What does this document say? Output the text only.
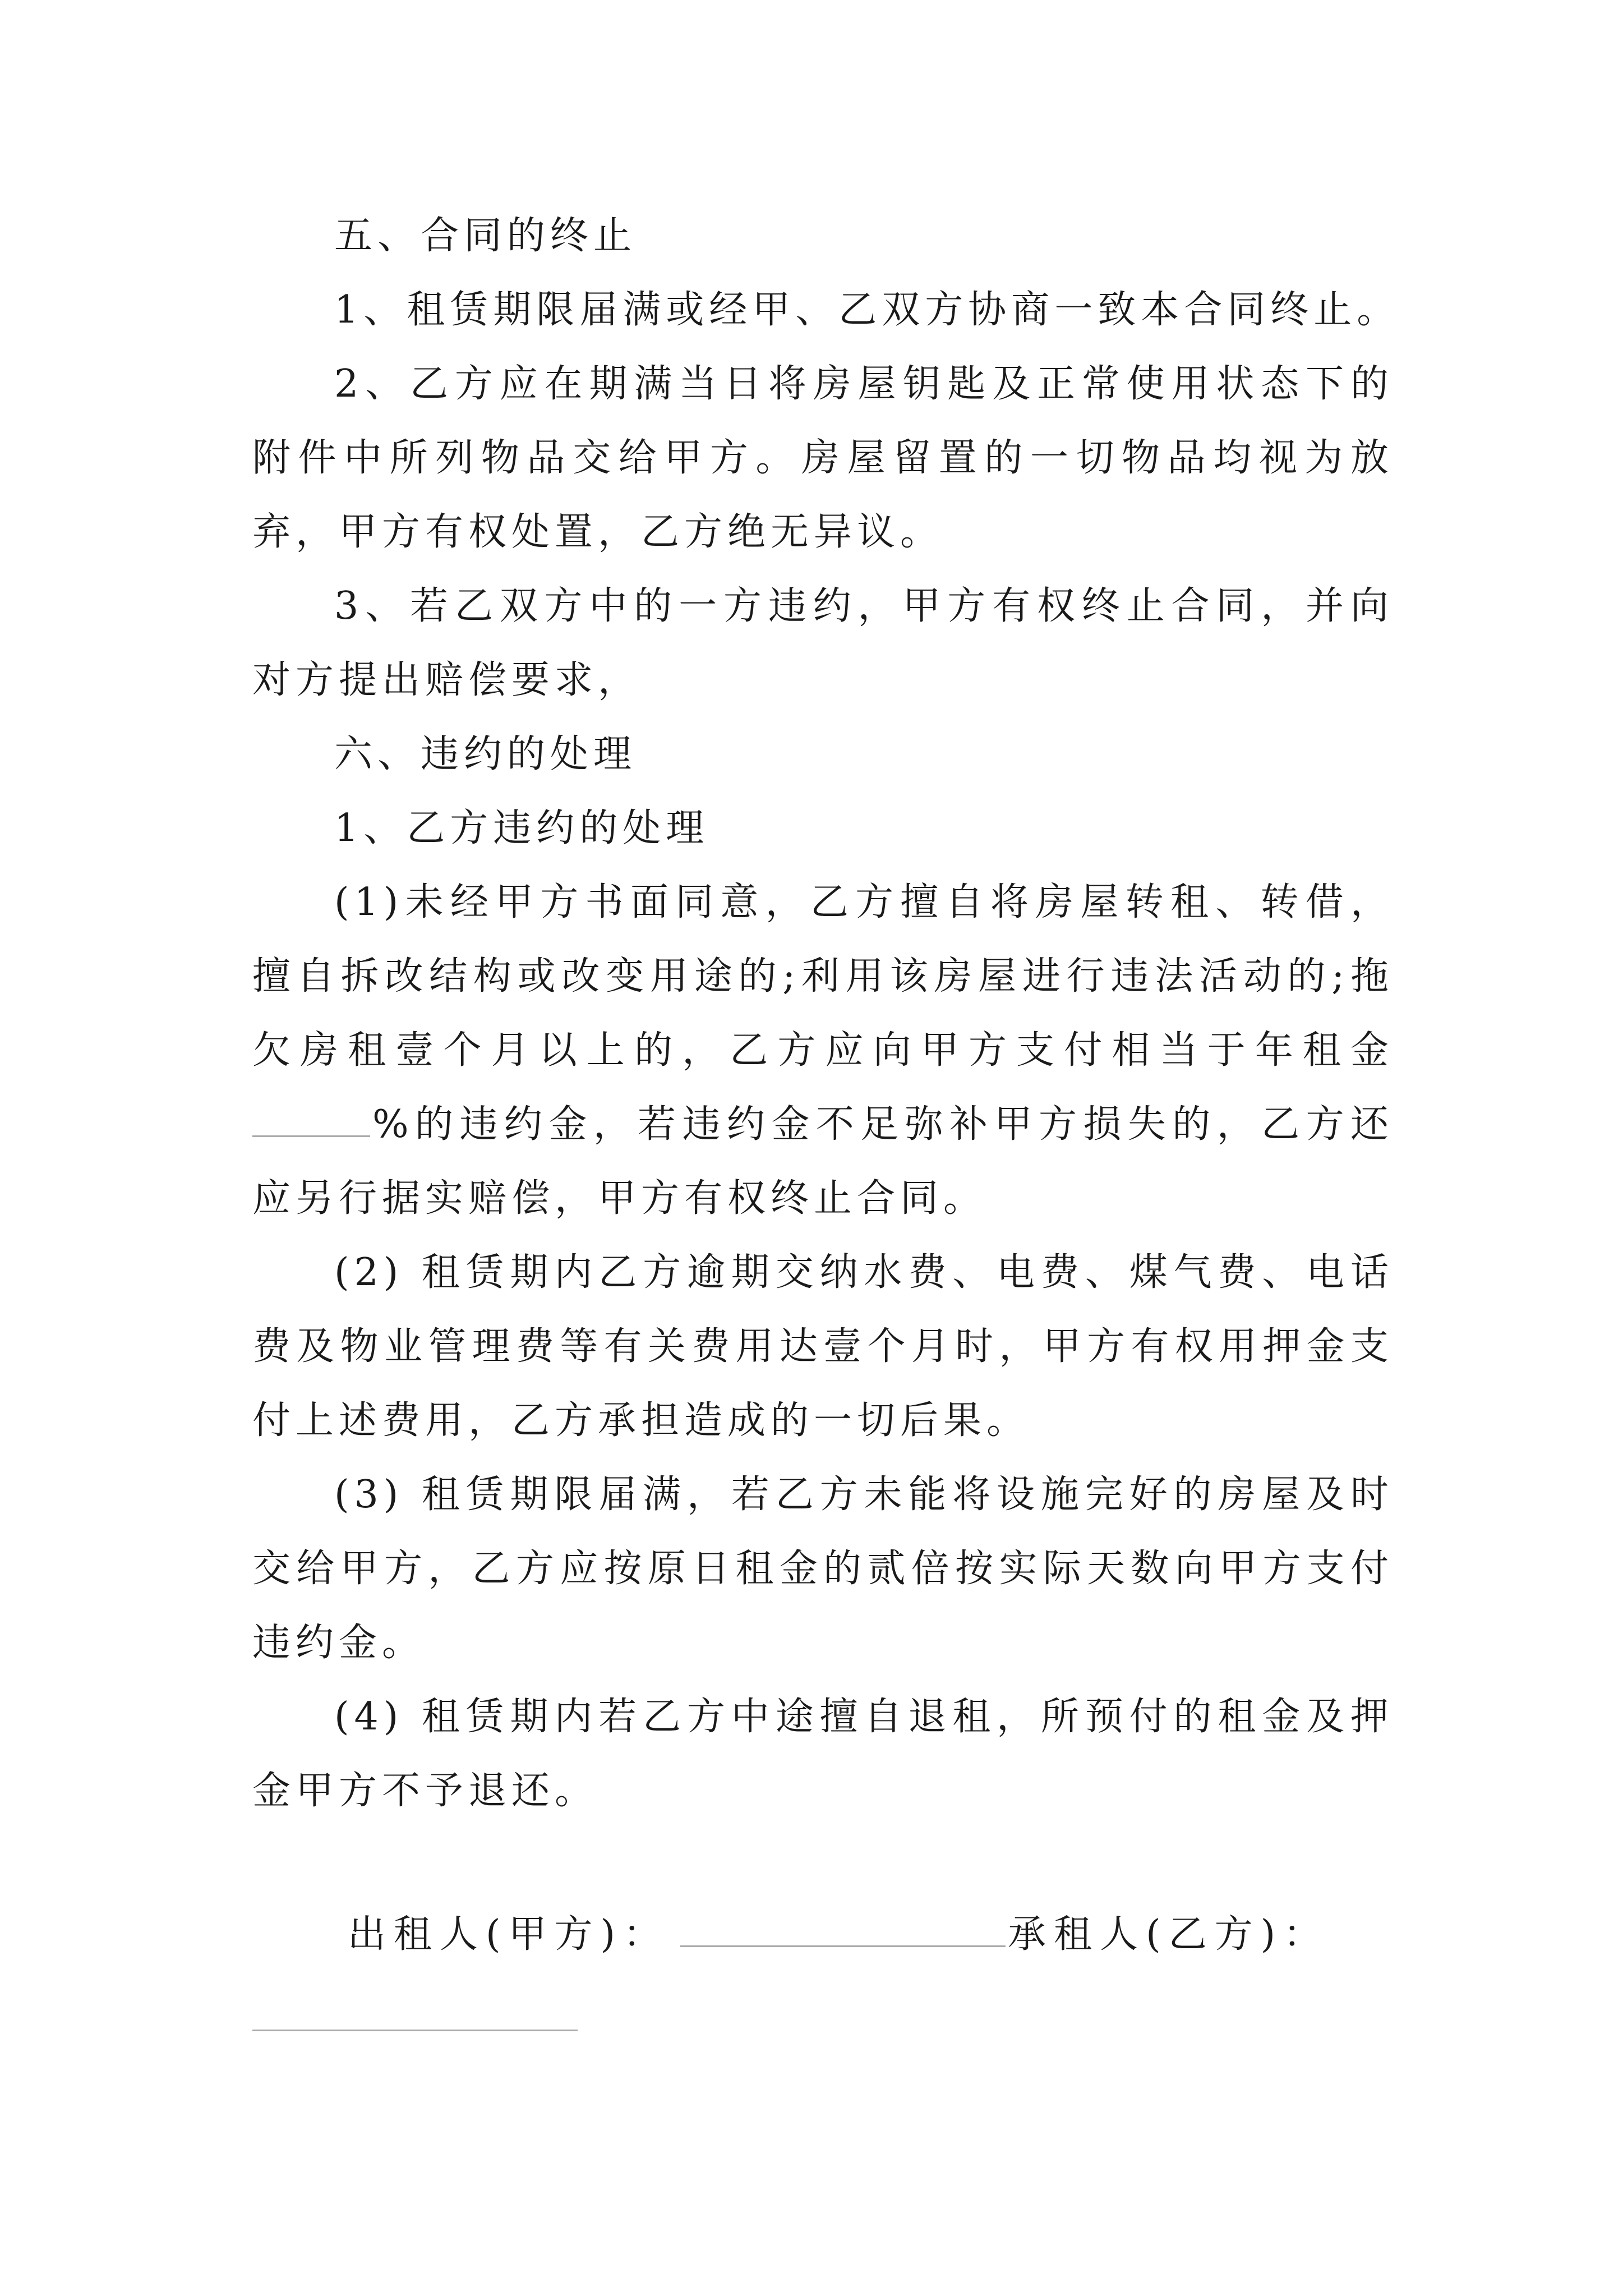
五、合同的终止

1、租赁期限届满或经甲、乙双方协商一致本合同终止。

2、乙方应在期满当日将房屋钥匙及正常使用状态下的附件中所列物品交给甲方。房屋留置的一切物品均视为放弃，甲方有权处置，乙方绝无异议。

3、若乙双方中的一方违约，甲方有权终止合同，并向对方提出赔偿要求，

六、违约的处理

1、乙方违约的处理

(1)未经甲方书面同意，乙方擅自将房屋转租、转借，擅自拆改结构或改变用途的;利用该房屋进行违法活动的;拖欠房租壹个月以上的，乙方应向甲方支付相当于年租金%的违约金，若违约金不足弥补甲方损失的，乙方还应另行据实赔偿，甲方有权终止合同。

(2) 租赁期内乙方逾期交纳水费、电费、煤气费、电话费及物业管理费等有关费用达壹个月时，甲方有权用押金支付上述费用，乙方承担造成的一切后果。

(3) 租赁期限届满，若乙方未能将设施完好的房屋及时交给甲方，乙方应按原日租金的贰倍按实际天数向甲方支付违约金。

(4) 租赁期内若乙方中途擅自退租，所预付的租金及押金甲方不予退还。

出租人(甲方)：	承租人(乙方)：
